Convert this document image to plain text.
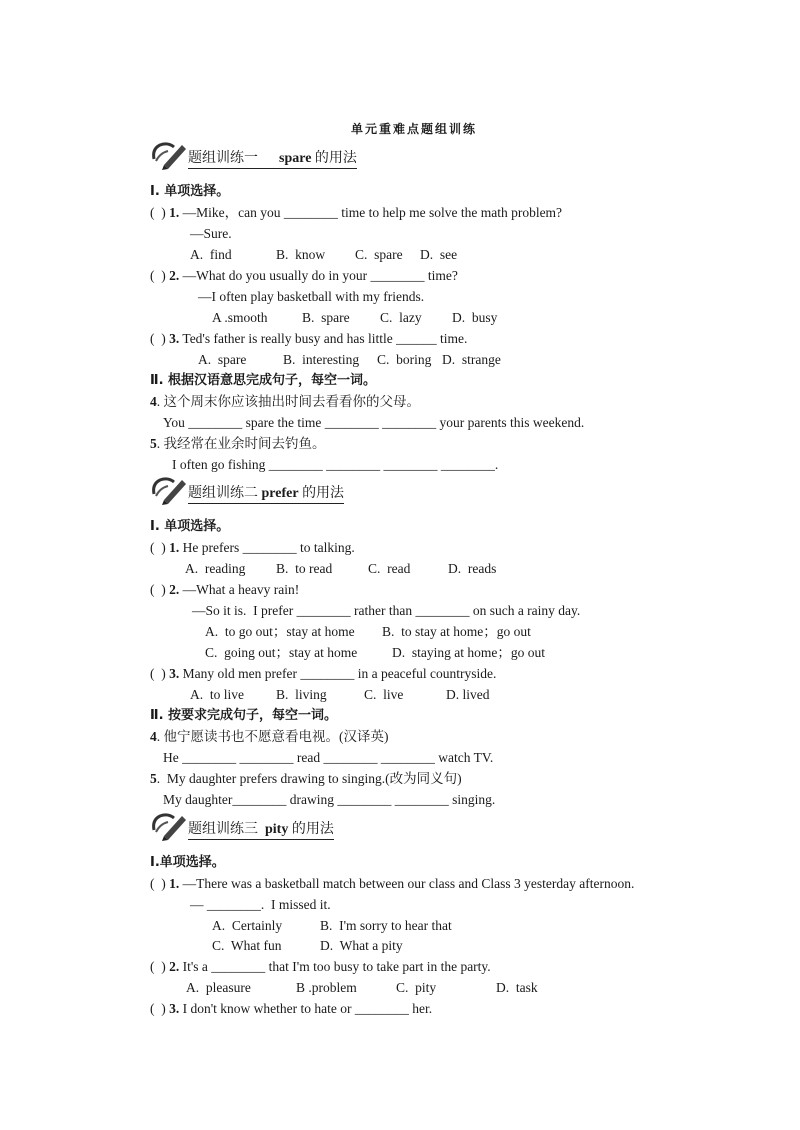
单元重难点题组训练
题组训练一 spare 的用法
Ⅰ. 单项选择。
(  ) 1. —Mike，can you ________ time to help me solve the math problem?
—Sure.
A.  find	B.  know C.  spare D.  see
(  ) 2. —What do you usually do in your ________ time?
—I often play basketball with my friends.
A .smooth	B.  spare C.  lazy D.  busy
(  ) 3. Ted's father is really busy and has little ______ time.
A.  spare	B.  interesting C.  boring D.  strange
Ⅱ. 根据汉语意思完成句子，每空一词。
4. 这个周末你应该抽出时间去看看你的父母。
You ________ spare the time ________ ________ your parents this weekend.
5. 我经常在业余时间去钓鱼。
I often go fishing ________ ________ ________ ________.
题组训练二 prefer 的用法
Ⅰ. 单项选择。
(  ) 1. He prefers ________ to talking.
A.  reading B.  to read	C.  read	D.  reads
(  ) 2. —What a heavy rain!
—So it is.  I prefer ________ rather than ________ on such a rainy day.
A.  to go out；stay at home B.  to stay at home；go out
C.  going out；stay at home	D.  staying at home；go out
(  ) 3. Many old men prefer ________ in a peaceful countryside.
A.  to live B.  living	C.  live	D. lived
Ⅱ. 按要求完成句子，每空一词。
4. 他宁愿读书也不愿意看电视。(汉译英)
He ________ ________ read ________ ________ watch TV.
5.  My daughter prefers drawing to singing.(改为同义句)
My daughter________ drawing ________ ________ singing.
题组训练三 pity 的用法
Ⅰ.单项选择。
(  ) 1. —There was a basketball match between our class and Class 3 yesterday afternoon.
— ________.  I missed it.
A.  Certainly	B.  I'm sorry to hear that
C.  What fun	D.  What a pity
(  ) 2. It's a ________ that I'm too busy to take part in the party.
A.  pleasure	B .problem	C.  pity	D.  task
(  ) 3. I don't know whether to hate or ________ her.
